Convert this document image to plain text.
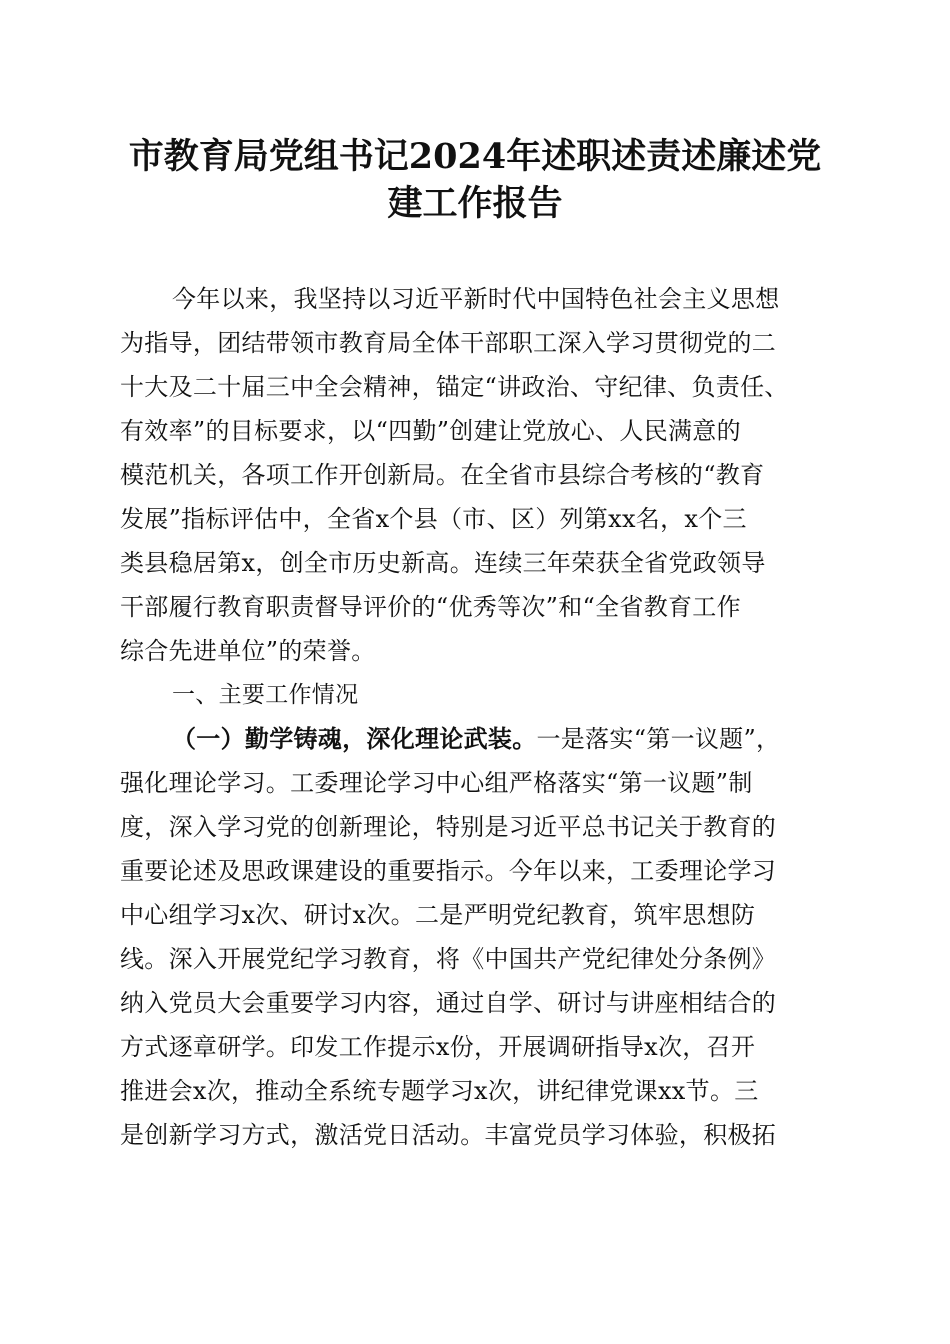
市教育局党组书记2024年述职述责述廉述党
建工作报告
今年以来，我坚持以习近平新时代中国特色社会主义思想
为指导，团结带领市教育局全体干部职工深入学习贯彻党的二
十大及二十届三中全会精神，锚定“讲政治、守纪律、负责任、
有效率”的目标要求，以“四勤”创建让党放心、人民满意的
模范机关，各项工作开创新局。在全省市县综合考核的“教育
发展”指标评估中，全省x个县（市、区）列第xx名，x个三
类县稳居第x，创全市历史新高。连续三年荣获全省党政领导
干部履行教育职责督导评价的“优秀等次”和“全省教育工作
综合先进单位”的荣誉。
一、主要工作情况
（一）勤学铸魂，深化理论武装。一是落实“第一议题”，
强化理论学习。工委理论学习中心组严格落实“第一议题”制
度，深入学习党的创新理论，特别是习近平总书记关于教育的
重要论述及思政课建设的重要指示。今年以来，工委理论学习
中心组学习x次、研讨x次。二是严明党纪教育，筑牢思想防
线。深入开展党纪学习教育，将《中国共产党纪律处分条例》
纳入党员大会重要学习内容，通过自学、研讨与讲座相结合的
方式逐章研学。印发工作提示x份，开展调研指导x次，召开
推进会x次，推动全系统专题学习x次，讲纪律党课xx节。三
是创新学习方式，激活党日活动。丰富党员学习体验，积极拓
